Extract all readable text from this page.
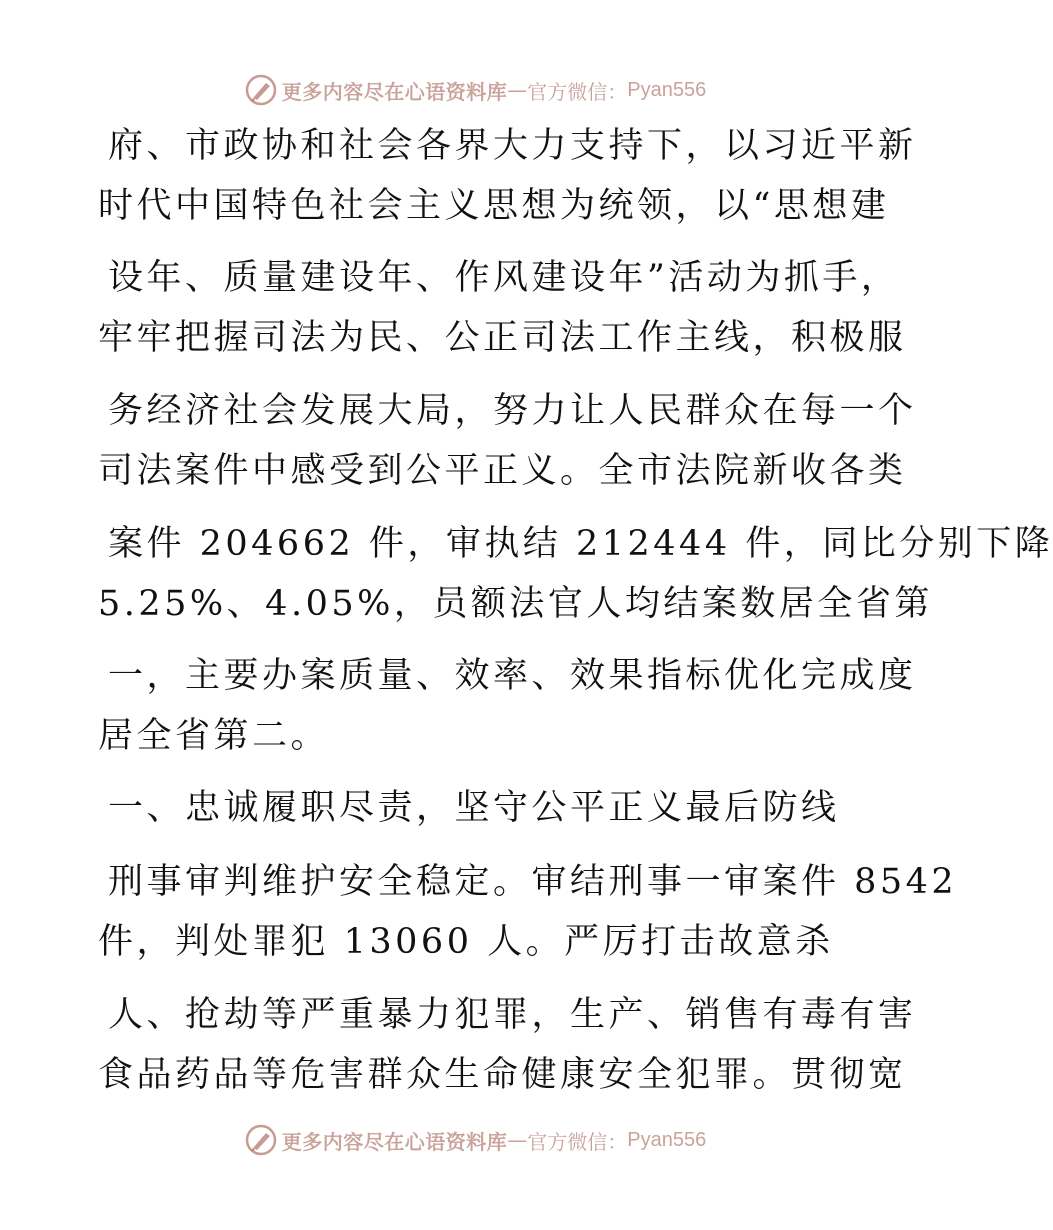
更多内容尽在心语资料库 — 官方微信： Pyan556
府、市政协和社会各界大力支持下，以习近平新
时代中国特色社会主义思想为统领，以“思想建
设年、质量建设年、作风建设年”活动为抓手，
牢牢把握司法为民、公正司法工作主线，积极服
务经济社会发展大局，努力让人民群众在每一个
司法案件中感受到公平正义。全市法院新收各类
案件 204662 件，审执结 212444 件，同比分别下降
5.25%、4.05%，员额法官人均结案数居全省第
一，主要办案质量、效率、效果指标优化完成度
居全省第二。
一、忠诚履职尽责，坚守公平正义最后防线
刑事审判维护安全稳定。审结刑事一审案件 8542
件，判处罪犯 13060 人。严厉打击故意杀
人、抢劫等严重暴力犯罪，生产、销售有毒有害
食品药品等危害群众生命健康安全犯罪。贯彻宽
更多内容尽在心语资料库 — 官方微信： Pyan556
